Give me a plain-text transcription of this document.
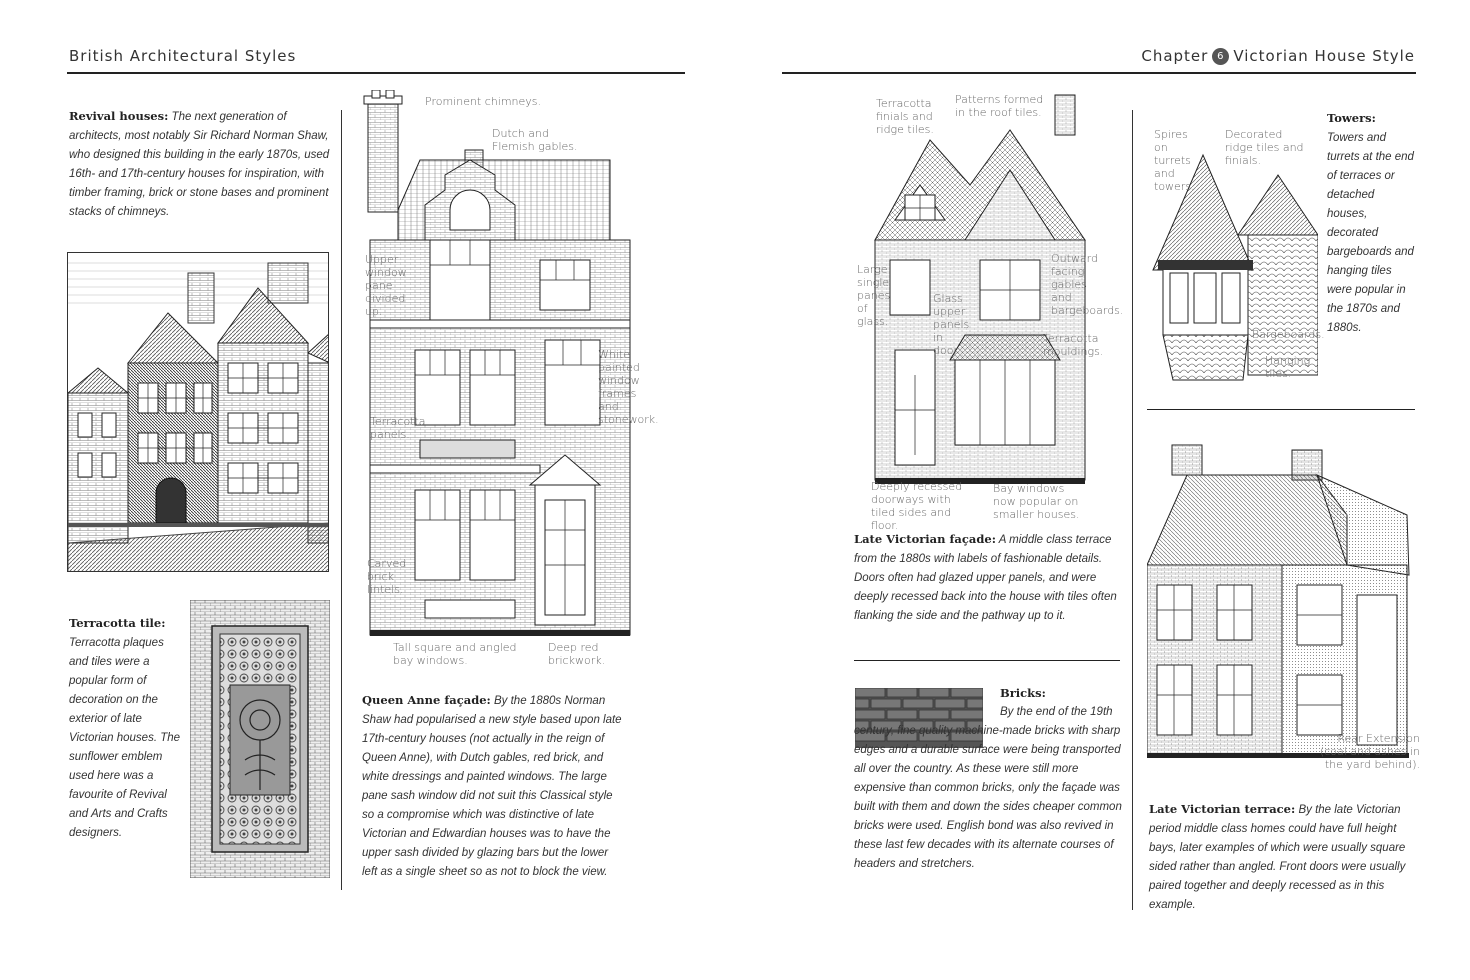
British Architectural Styles
Revival houses: The next generation of architects, most notably Sir Richard Norman Shaw, who designed this building in the early 1870s, used 16th- and 17th-century houses for inspiration, with timber framing, brick or stone bases and prominent stacks of chimneys.
Terracotta tile:
Terracotta plaques and tiles were a popular form of decoration on the exterior of late Victorian houses. The sunflower emblem used here was a favourite of Revival and Arts and Crafts designers.
Prominent chimneys.
Dutch and Flemish gables.
Upper window pane divided up.
White painted window frames and stonework.
Terracotta panels.
Carved brick lintels.
Tall square and angled bay windows.
Deep red brickwork.
Queen Anne façade: By the 1880s Norman Shaw had popularised a new style based upon late 17th-century houses (not actually in the reign of Queen Anne), with Dutch gables, red brick, and white dressings and painted windows. The large pane sash window did not suit this Classical style so a compromise which was distinctive of late Victorian and Edwardian houses was to have the upper sash divided by glazing bars but the lower left as a single sheet so as not to block the view.
Chapter 6 Victorian House Style
Terracotta finials and ridge tiles.
Patterns formed in the roof tiles.
Outward facing gables and bargeboards.
Large single panes of glass.
Glass upper panels in door.
Terracotta mouldings.
Deeply recessed doorways with tiled sides and floor.
Bay windows now popular on smaller houses.
Late Victorian façade: A middle class terrace from the 1880s with labels of fashionable details. Doors often had glazed upper panels, and were deeply recessed back into the house with tiles often flanking the side and the pathway up to it.
Bricks:
By the end of the 19th century, fine quality machine-made bricks with sharp edges and a durable surface were being transported all over the country. As these were still more expensive than common bricks, only the façade was built with them and down the sides cheaper common bricks were used. English bond was also revived in these last few decades with its alternate courses of headers and stretchers.
Spires on turrets and towers.
Decorated ridge tiles and finials.
Bargeboards.
Hanging tiles.
Towers:
Towers and turrets at the end of terraces or detached houses, decorated bargeboards and hanging tiles were popular in the 1870s and 1880s.
Rear Extension (coal and ashes in the yard behind).
Late Victorian terrace: By the late Victorian period middle class homes could have full height bays, later examples of which were usually square sided rather than angled. Front doors were usually paired together and deeply recessed as in this example.
